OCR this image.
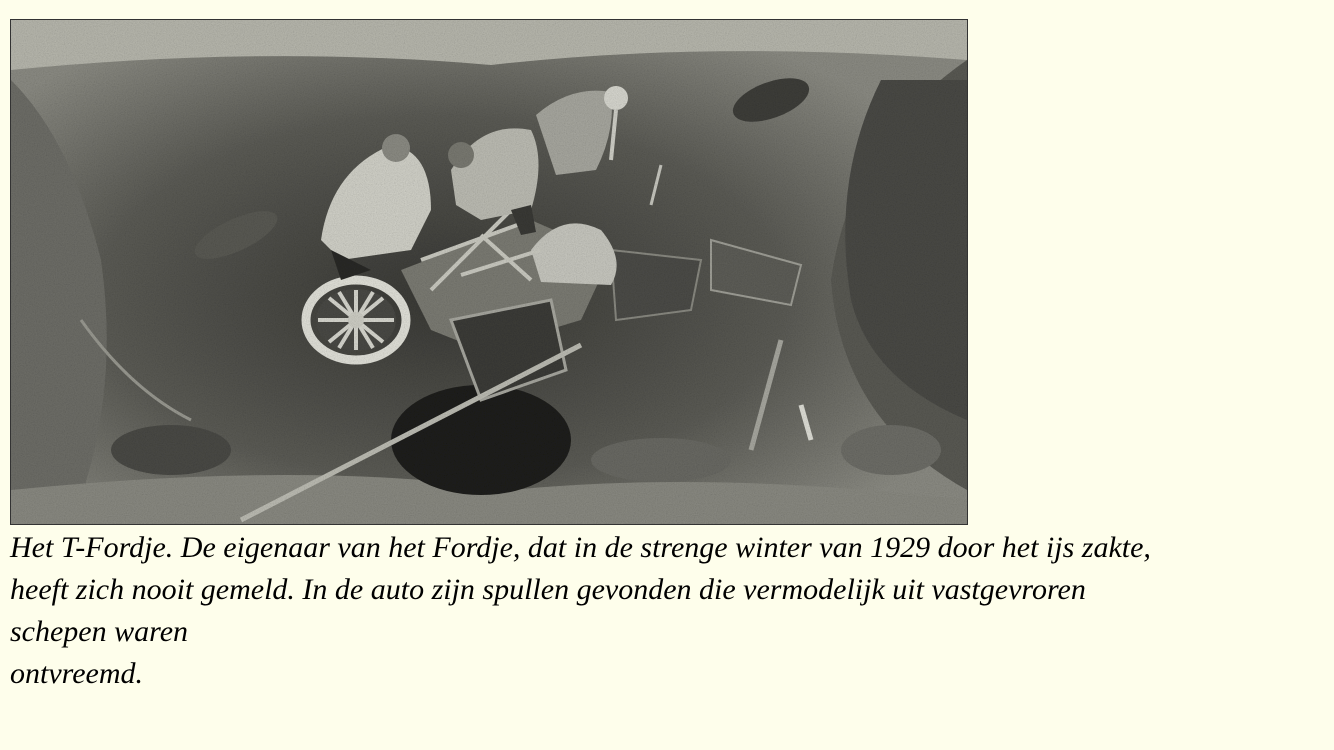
Het T-Fordje. De eigenaar van het Fordje, dat in de strenge winter van 1929 door het ijs zakte,
heeft zich nooit gemeld. In de auto zijn spullen gevonden die vermodelijk uit vastgevroren
schepen waren
ontvreemd.
